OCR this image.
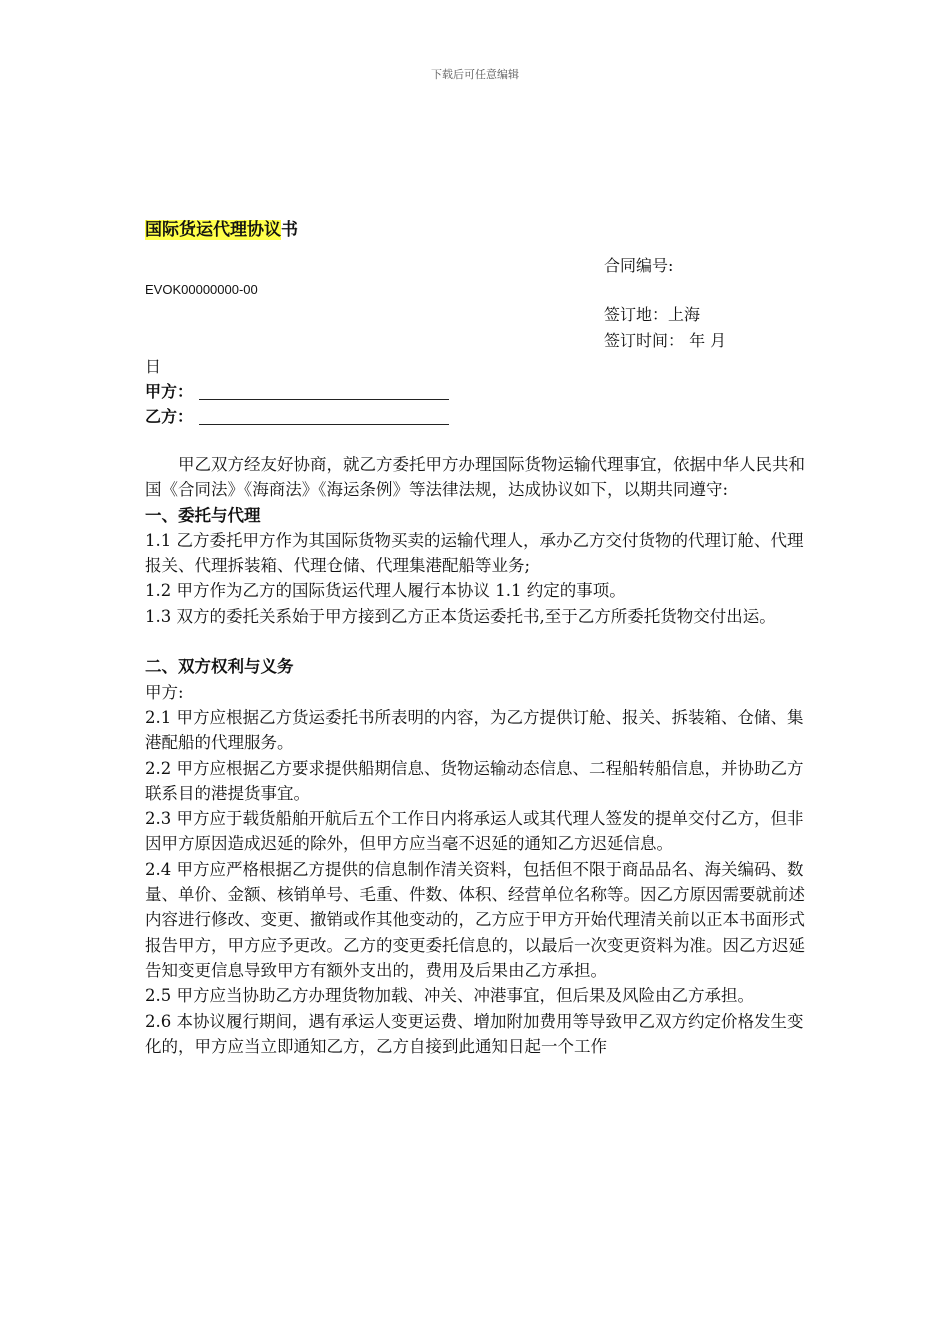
下载后可任意编辑
国际货运代理协议书
合同编号:
EVOK00000000-00
签订地：上海
签订时间： 年 月
日
甲方：
乙方：

甲乙双方经友好协商，就乙方委托甲方办理国际货物运输代理事宜，依据中华人民共和国《合同法》《海商法》《海运条例》等法律法规，达成协议如下，以期共同遵守:

一、委托与代理

1.1 乙方委托甲方作为其国际货物买卖的运输代理人，承办乙方交付货物的代理订舱、代理报关、代理拆装箱、代理仓储、代理集港配船等业务;

1.2 甲方作为乙方的国际货运代理人履行本协议 1.1 约定的事项。

1.3 双方的委托关系始于甲方接到乙方正本货运委托书,至于乙方所委托货物交付出运。

二、双方权利与义务

甲方:

2.1 甲方应根据乙方货运委托书所表明的内容，为乙方提供订舱、报关、拆装箱、仓储、集港配船的代理服务。

2.2 甲方应根据乙方要求提供船期信息、货物运输动态信息、二程船转船信息，并协助乙方联系目的港提货事宜。

2.3 甲方应于载货船舶开航后五个工作日内将承运人或其代理人签发的提单交付乙方，但非因甲方原因造成迟延的除外，但甲方应当毫不迟延的通知乙方迟延信息。

2.4 甲方应严格根据乙方提供的信息制作清关资料，包括但不限于商品品名、海关编码、数量、单价、金额、核销单号、毛重、件数、体积、经营单位名称等。因乙方原因需要就前述内容进行修改、变更、撤销或作其他变动的，乙方应于甲方开始代理清关前以正本书面形式报告甲方，甲方应予更改。乙方的变更委托信息的，以最后一次变更资料为准。因乙方迟延告知变更信息导致甲方有额外支出的，费用及后果由乙方承担。

2.5 甲方应当协助乙方办理货物加载、冲关、冲港事宜，但后果及风险由乙方承担。

2.6 本协议履行期间，遇有承运人变更运费、增加附加费用等导致甲乙双方约定价格发生变化的，甲方应当立即通知乙方，乙方自接到此通知日起一个工作
